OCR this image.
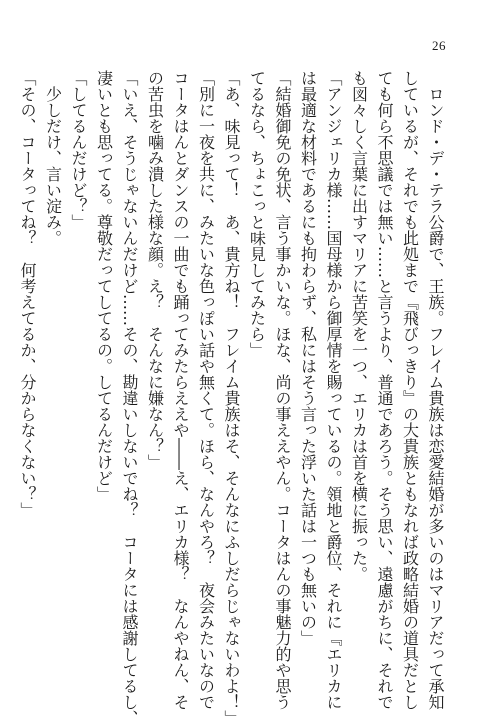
26

　ロンド・デ・テラ公爵で、王族。フレイム貴族は恋愛結婚が多いのはマリアだって承知

しているが、それでも此処まで『飛びっきり』の大貴族ともなれば政略結婚の道具だとし

ても何ら不思議では無い……と言うより、普通であろう。そう思い、遠慮がちに、それで

も図々しく言葉に出すマリアに苦笑を一つ、エリカは首を横に振った。

「アンジェリカ様……国母様から御厚情を賜っているの。領地と爵位、それに『エリカに

は最適な材料であるにも拘わらず、私にはそう言った浮いた話は一つも無いの」

「結婚御免の免状、言う事かいな。ほな、尚の事ええやん。コータはんの事魅力的や思う

てるなら、ちょこっと味見してみたら」

「あ、味見って！　あ、貴方ね！　フレイム貴族はそ、そんなにふしだらじゃないわよ！」

「別に一夜を共に、みたいな色っぽい話や無くて。ほら、なんやろ？　夜会みたいなので

コータはんとダンスの一曲でも踊ってみたらええや――え、エリカ様？　なんやねん、そ

の苦虫を噛み潰した様な顔。え？　そんなに嫌なん？」

「いえ、そうじゃないんだけど……その、勘違いしないでね？　コータには感謝してるし、

凄いとも思ってる。尊敬だってしてるの。してるんだけど」

「してるんだけど？」

　少しだけ、言い淀み。

「その、コータってね？　何考えてるか、分からなくない？」
